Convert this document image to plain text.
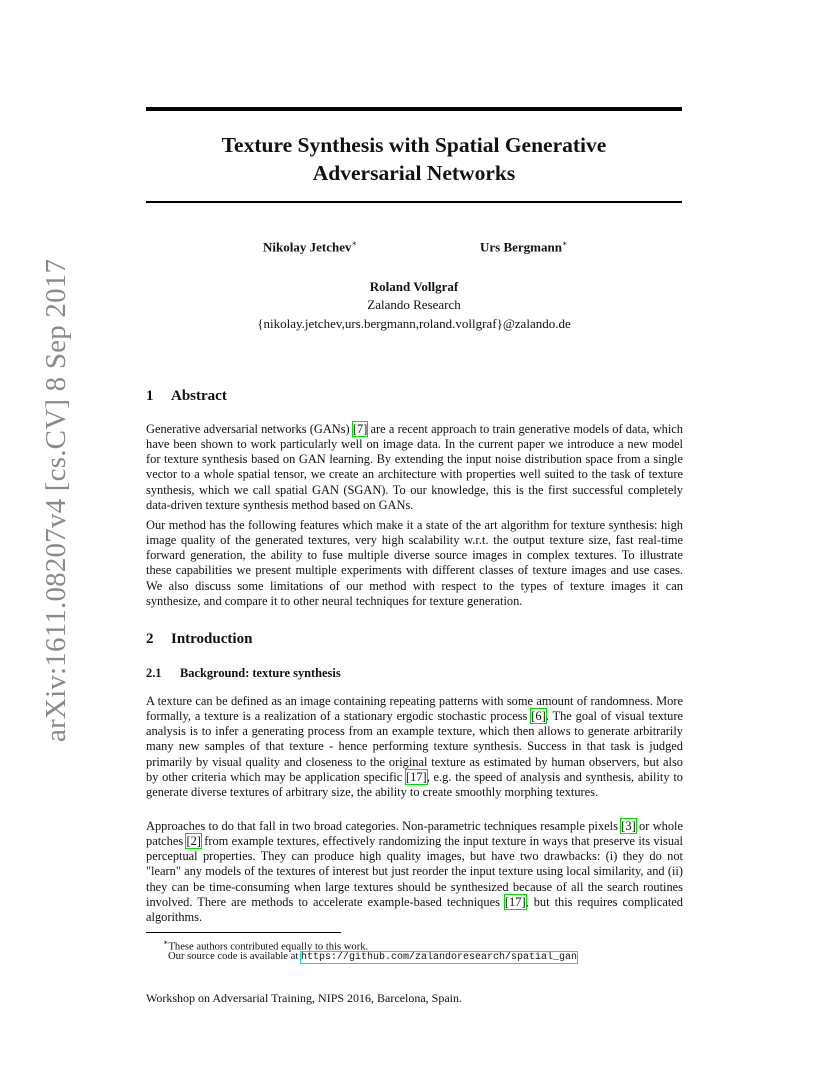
arXiv:1611.08207v4 [cs.CV] 8 Sep 2017
Texture Synthesis with Spatial Generative
Adversarial Networks
Nikolay Jetchev∗	Urs Bergmann∗
Roland Vollgraf
Zalando Research
{nikolay.jetchev,urs.bergmann,roland.vollgraf}@zalando.de
1 Abstract
Generative adversarial networks (GANs) [7] are a recent approach to train generative models of data, which have been shown to work particularly well on image data. In the current paper we introduce a new model for texture synthesis based on GAN learning. By extending the input noise distribution space from a single vector to a whole spatial tensor, we create an architecture with properties well suited to the task of texture synthesis, which we call spatial GAN (SGAN). To our knowledge, this is the first successful completely data-driven texture synthesis method based on GANs.
Our method has the following features which make it a state of the art algorithm for texture synthesis: high image quality of the generated textures, very high scalability w.r.t. the output texture size, fast real-time forward generation, the ability to fuse multiple diverse source images in complex textures. To illustrate these capabilities we present multiple experiments with different classes of texture images and use cases. We also discuss some limitations of our method with respect to the types of texture images it can synthesize, and compare it to other neural techniques for texture generation.
2 Introduction
2.1 Background: texture synthesis
A texture can be defined as an image containing repeating patterns with some amount of randomness. More formally, a texture is a realization of a stationary ergodic stochastic process [6]. The goal of visual texture analysis is to infer a generating process from an example texture, which then allows to generate arbitrarily many new samples of that texture - hence performing texture synthesis. Success in that task is judged primarily by visual quality and closeness to the original texture as estimated by human observers, but also by other criteria which may be application specific [17], e.g. the speed of analysis and synthesis, ability to generate diverse textures of arbitrary size, the ability to create smoothly morphing textures.
Approaches to do that fall in two broad categories. Non-parametric techniques resample pixels [3] or whole patches [2] from example textures, effectively randomizing the input texture in ways that preserve its visual perceptual properties. They can produce high quality images, but have two drawbacks: (i) they do not "learn" any models of the textures of interest but just reorder the input texture using local similarity, and (ii) they can be time-consuming when large textures should be synthesized because of all the search routines involved. There are methods to accelerate example-based techniques [17], but this requires complicated algorithms.
∗These authors contributed equally to this work.
Our source code is available at https://github.com/zalandoresearch/spatial_gan
Workshop on Adversarial Training, NIPS 2016, Barcelona, Spain.
